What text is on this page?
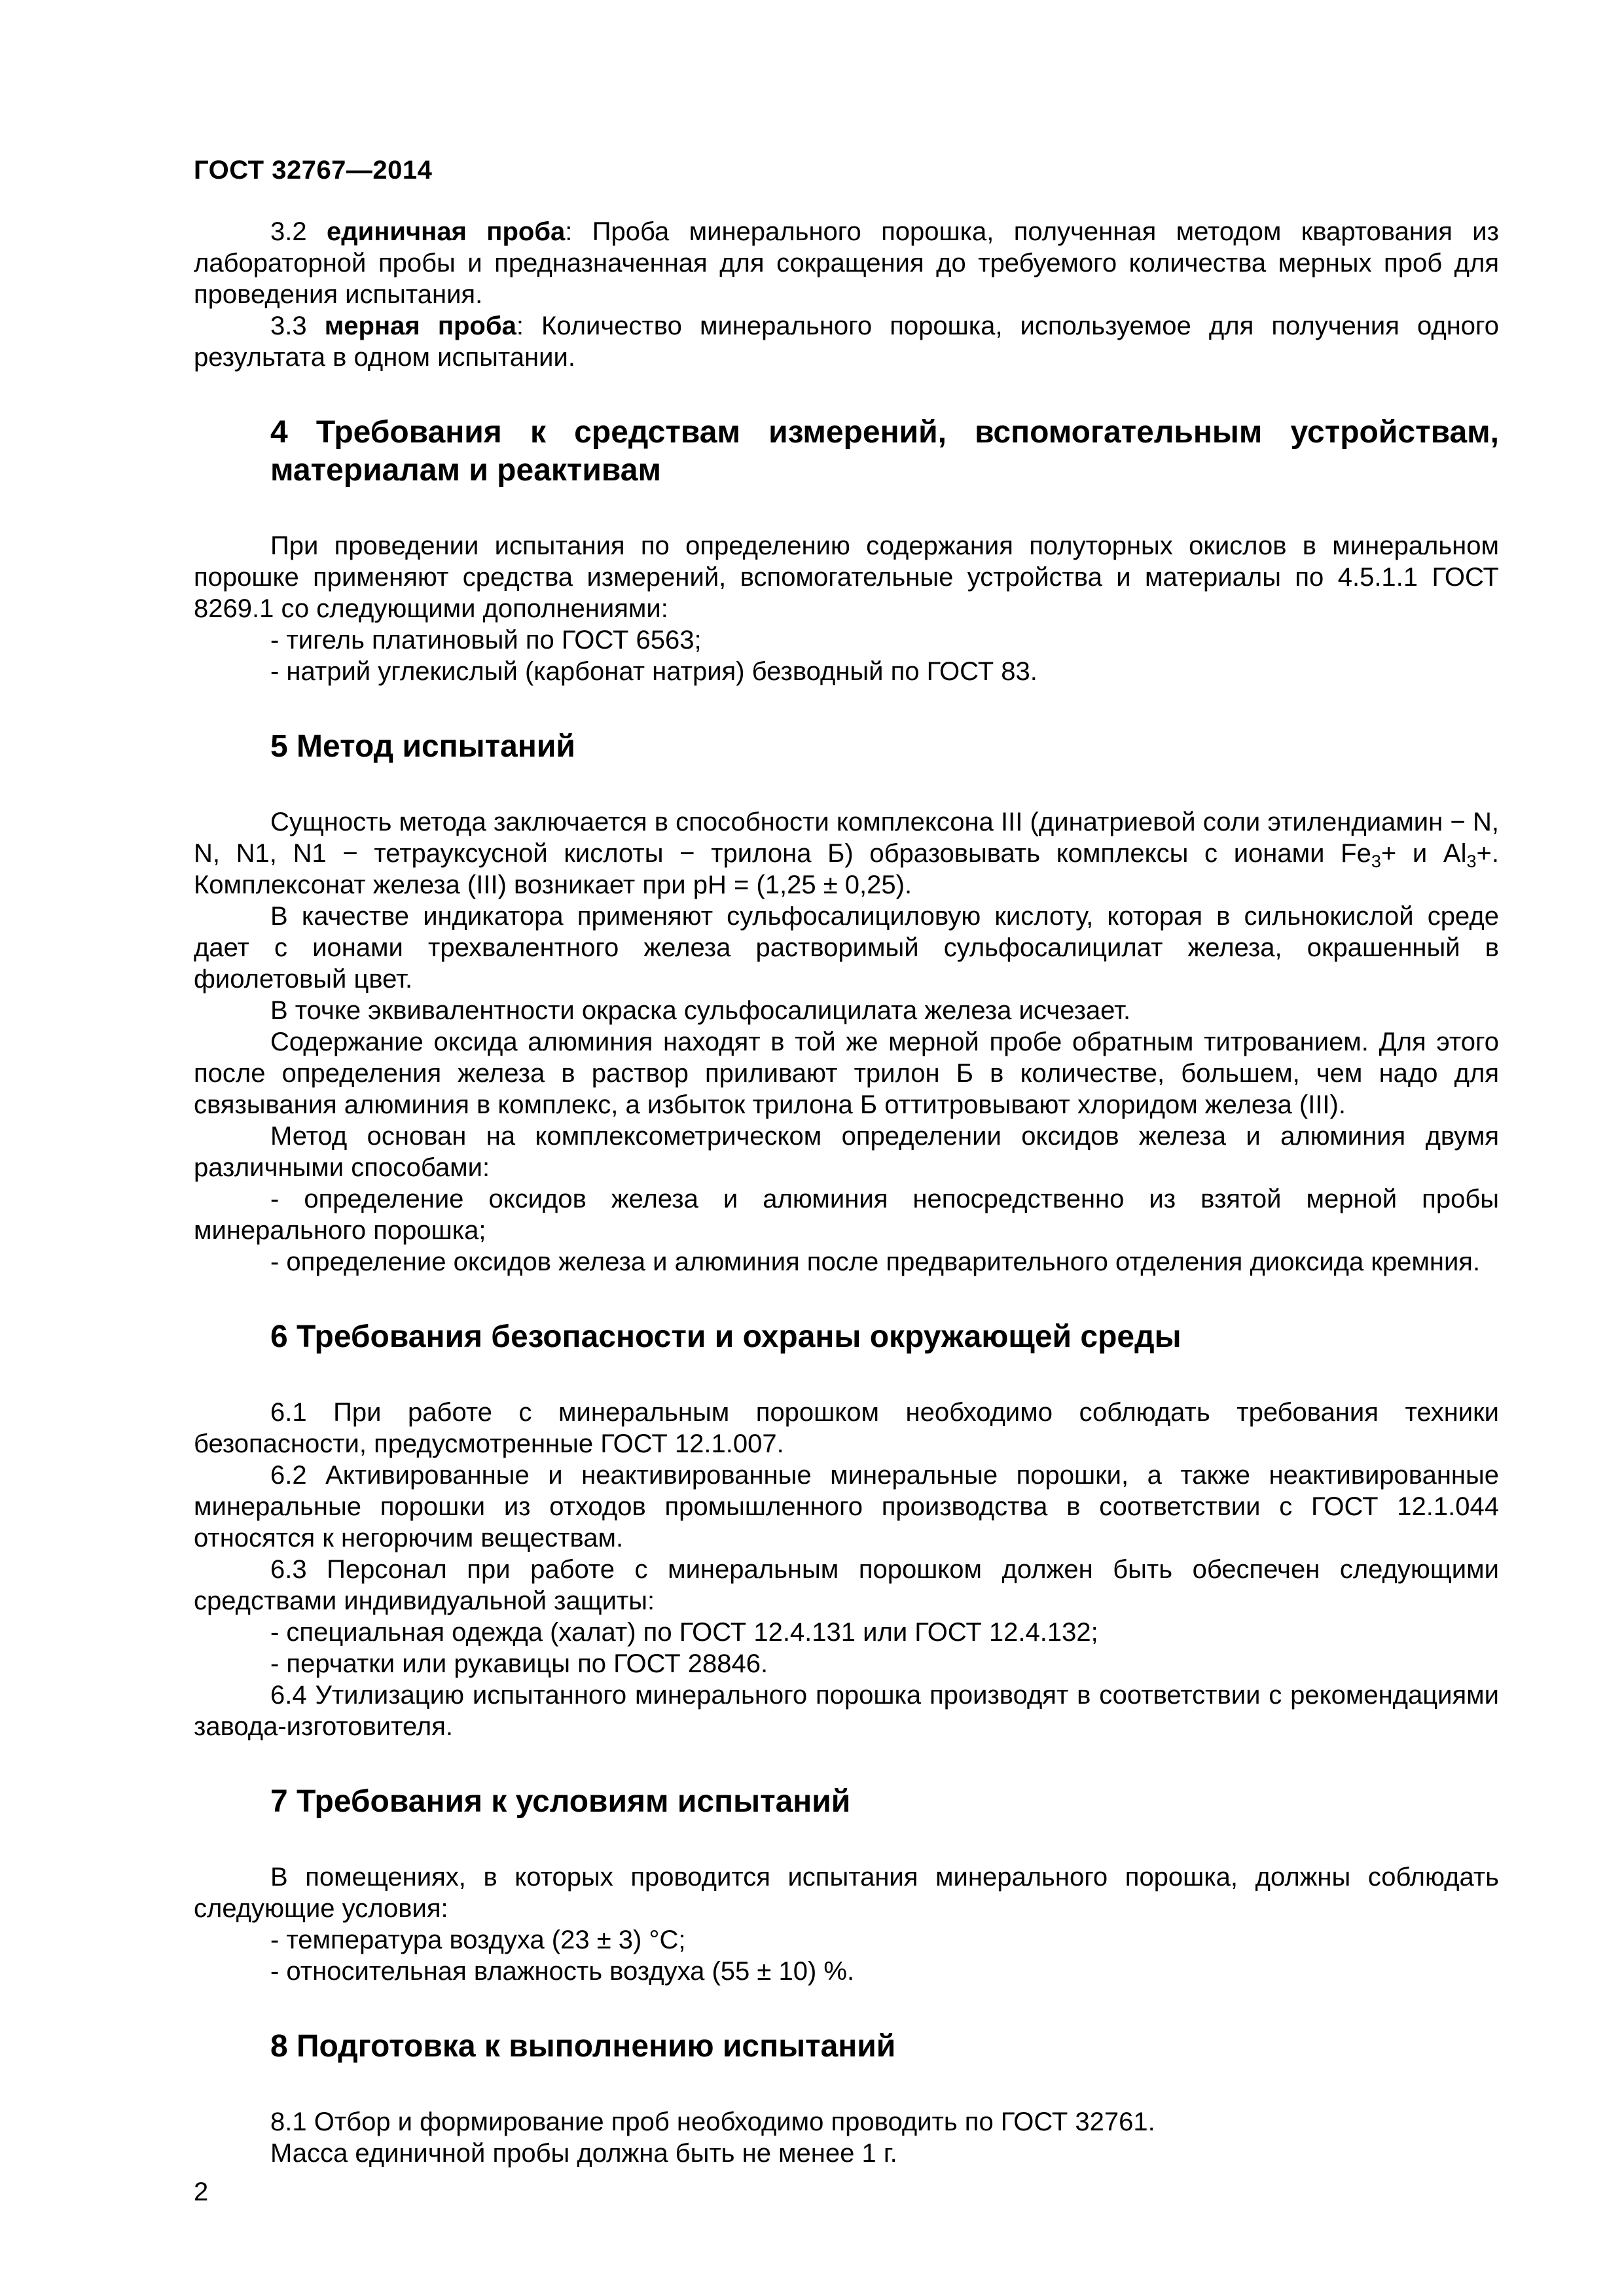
ГОСТ 32767—2014

3.2 единичная проба: Проба минерального порошка, полученная методом квартования из лабораторной пробы и предназначенная для сокращения до требуемого количества мерных проб для проведения испытания.

3.3 мерная проба: Количество минерального порошка, используемое для получения одного результата в одном испытании.

4 Требования к средствам измерений, вспомогательным устройствам, материалам и реактивам

При проведении испытания по определению содержания полуторных окислов в минеральном порошке применяют средства измерений, вспомогательные устройства и материалы по 4.5.1.1 ГОСТ 8269.1 со следующими дополнениями:

- тигель платиновый по ГОСТ 6563;

- натрий углекислый (карбонат натрия) безводный по ГОСТ 83.

5 Метод испытаний

Сущность метода заключается в способности комплексона III (динатриевой соли этилендиамин − N, N, N1, N1 − тетрауксусной кислоты − трилона Б) образовывать комплексы с ионами $Fe_3+ и$ $Al_3+$. Комплексонат железа (III) возникает при pH = (1,25 ± 0,25).

В качестве индикатора применяют сульфосалициловую кислоту, которая в сильнокислой среде дает с ионами трехвалентного железа растворимый сульфосалицилат железа, окрашенный в фиолетовый цвет.

В точке эквивалентности окраска сульфосалицилата железа исчезает.

Содержание оксида алюминия находят в той же мерной пробе обратным титрованием. Для этого после определения железа в раствор приливают трилон Б в количестве, большем, чем надо для связывания алюминия в комплекс, а избыток трилона Б оттитровывают хлоридом железа (III).

Метод основан на комплексометрическом определении оксидов железа и алюминия двумя различными способами:

- определение оксидов железа и алюминия непосредственно из взятой мерной пробы минерального порошка;

- определение оксидов железа и алюминия после предварительного отделения диоксида кремния.

6 Требования безопасности и охраны окружающей среды

6.1 При работе с минеральным порошком необходимо соблюдать требования техники безопасности, предусмотренные ГОСТ 12.1.007.

6.2 Активированные и неактивированные минеральные порошки, а также неактивированные минеральные порошки из отходов промышленного производства в соответствии с ГОСТ 12.1.044 относятся к негорючим веществам.

6.3 Персонал при работе с минеральным порошком должен быть обеспечен следующими средствами индивидуальной защиты:

- специальная одежда (халат) по ГОСТ 12.4.131 или ГОСТ 12.4.132;

- перчатки или рукавицы по ГОСТ 28846.

6.4 Утилизацию испытанного минерального порошка производят в соответствии с рекомендациями завода-изготовителя.

7 Требования к условиям испытаний

В помещениях, в которых проводится испытания минерального порошка, должны соблюдать следующие условия:

- температура воздуха (23 ± 3) °С;

- относительная влажность воздуха (55 ± 10) %.

8 Подготовка к выполнению испытаний

8.1 Отбор и формирование проб необходимо проводить по ГОСТ 32761.

Масса единичной пробы должна быть не менее 1 г.

2
